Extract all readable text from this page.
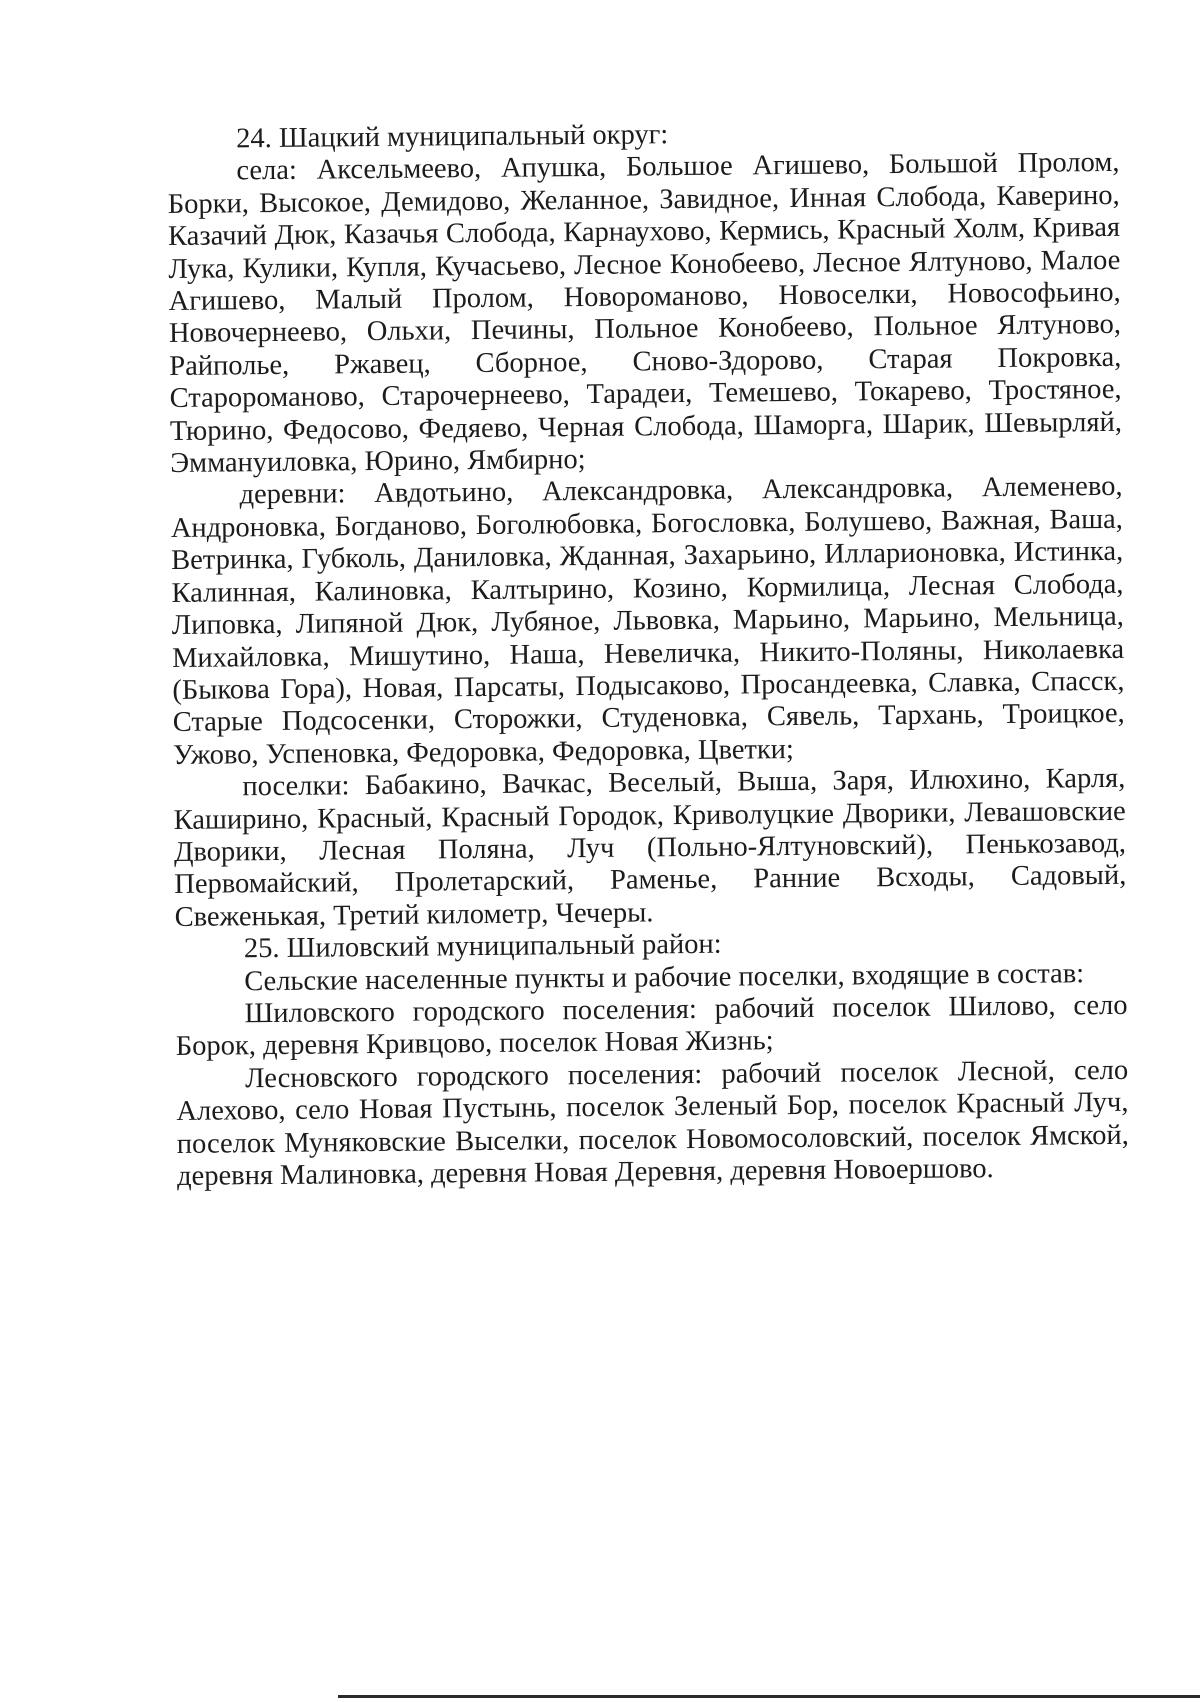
24. Шацкий муниципальный округ:

села: Аксельмеево, Апушка, Большое Агишево, Большой Пролом, Борки, Высокое, Демидово, Желанное, Завидное, Инная Слобода, Каверино, Казачий Дюк, Казачья Слобода, Карнаухово, Кермись, Красный Холм, Кривая Лука, Кулики, Купля, Кучасьево, Лесное Конобеево, Лесное Ялтуново, Малое Агишево, Малый Пролом, Новороманово, Новоселки, Новософьино, Новочернеево, Ольхи, Печины, Польное Конобеево, Польное Ялтуново, Райполье, Ржавец, Сборное, Сново-Здорово, Старая Покровка, Старороманово, Старочернеево, Тарадеи, Темешево, Токарево, Тростяное, Тюрино, Федосово, Федяево, Черная Слобода, Шаморга, Шарик, Шевырляй, Эммануиловка, Юрино, Ямбирно;

деревни: Авдотьино, Александровка, Александровка, Алеменево, Андроновка, Богданово, Боголюбовка, Богословка, Болушево, Важная, Ваша, Ветринка, Губколь, Даниловка, Жданная, Захарьино, Илларионовка, Истинка, Калинная, Калиновка, Калтырино, Козино, Кормилица, Лесная Слобода, Липовка, Липяной Дюк, Лубяное, Львовка, Марьино, Марьино, Мельница, Михайловка, Мишутино, Наша, Невеличка, Никито-Поляны, Николаевка (Быкова Гора), Новая, Парсаты, Подысаково, Просандеевка, Славка, Спасск, Старые Подсосенки, Сторожки, Студеновка, Сявель, Тархань, Троицкое, Ужово, Успеновка, Федоровка, Федоровка, Цветки;

поселки: Бабакино, Вачкас, Веселый, Выша, Заря, Илюхино, Карля, Каширино, Красный, Красный Городок, Криволуцкие Дворики, Левашовские Дворики, Лесная Поляна, Луч (Польно-Ялтуновский), Пенькозавод, Первомайский, Пролетарский, Раменье, Ранние Всходы, Садовый, Свеженькая, Третий километр, Чечеры.

25. Шиловский муниципальный район:

Сельские населенные пункты и рабочие поселки, входящие в состав:

Шиловского городского поселения: рабочий поселок Шилово, село Борок, деревня Кривцово, поселок Новая Жизнь;

Лесновского городского поселения: рабочий поселок Лесной, село Алехово, село Новая Пустынь, поселок Зеленый Бор, поселок Красный Луч, поселок Муняковские Выселки, поселок Новомосоловский, поселок Ямской, деревня Малиновка, деревня Новая Деревня, деревня Новоершово.
